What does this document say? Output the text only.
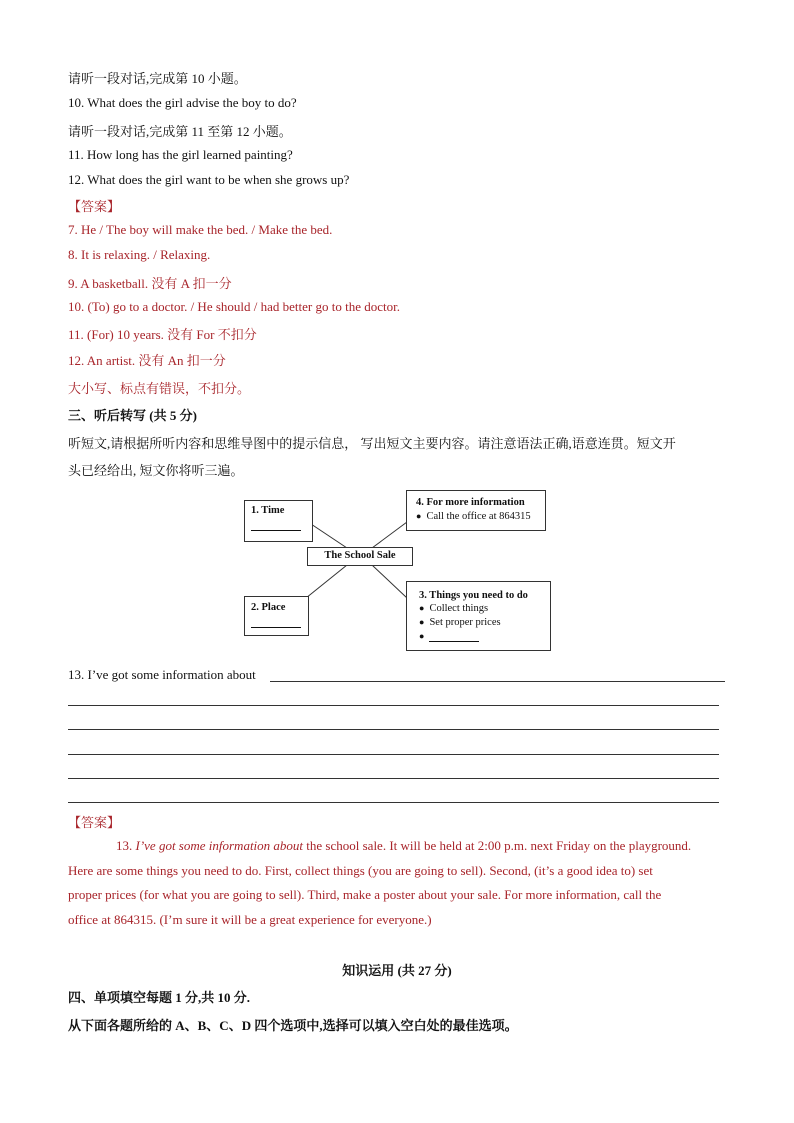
请听一段对话,完成第 10 小题。
10. What does the girl advise the boy to do?
请听一段对话,完成第 11 至第 12 小题。
11. How long has the girl learned painting?
12. What does the girl want to be when she grows up?
【答案】
7. He / The boy will make the bed. / Make the bed.
8. It is relaxing. / Relaxing.
9. A basketball. 没有 A 扣一分
10. (To) go to a doctor. / He should / had better go to the doctor.
11. (For) 10 years. 没有 For 不扣分
12. An artist. 没有 An 扣一分
大小写、标点有错误，不扣分。
三、听后转写 (共 5 分)
听短文,请根据所听内容和思维导图中的提示信息， 写出短文主要内容。请注意语法正确,语意连贯。短文开
头已经给出, 短文你将听三遍。
1. Time
2. Place
The School Sale
4. For more information
● Call the office at 864315
3. Things you need to do
● Collect things
● Set proper prices
●
13. I’ve got some information about
【答案】
13. I’ve got some information about the school sale. It will be held at 2:00 p.m. next Friday on the playground.
Here are some things you need to do. First, collect things (you are going to sell). Second, (it’s a good idea to) set
proper prices (for what you are going to sell). Third, make a poster about your sale. For more information, call the
office at 864315. (I’m sure it will be a great experience for everyone.)
知识运用 (共 27 分)
四、单项填空每题 1 分,共 10 分.
从下面各题所给的 A、B、C、D 四个选项中,选择可以填入空白处的最佳选项。
